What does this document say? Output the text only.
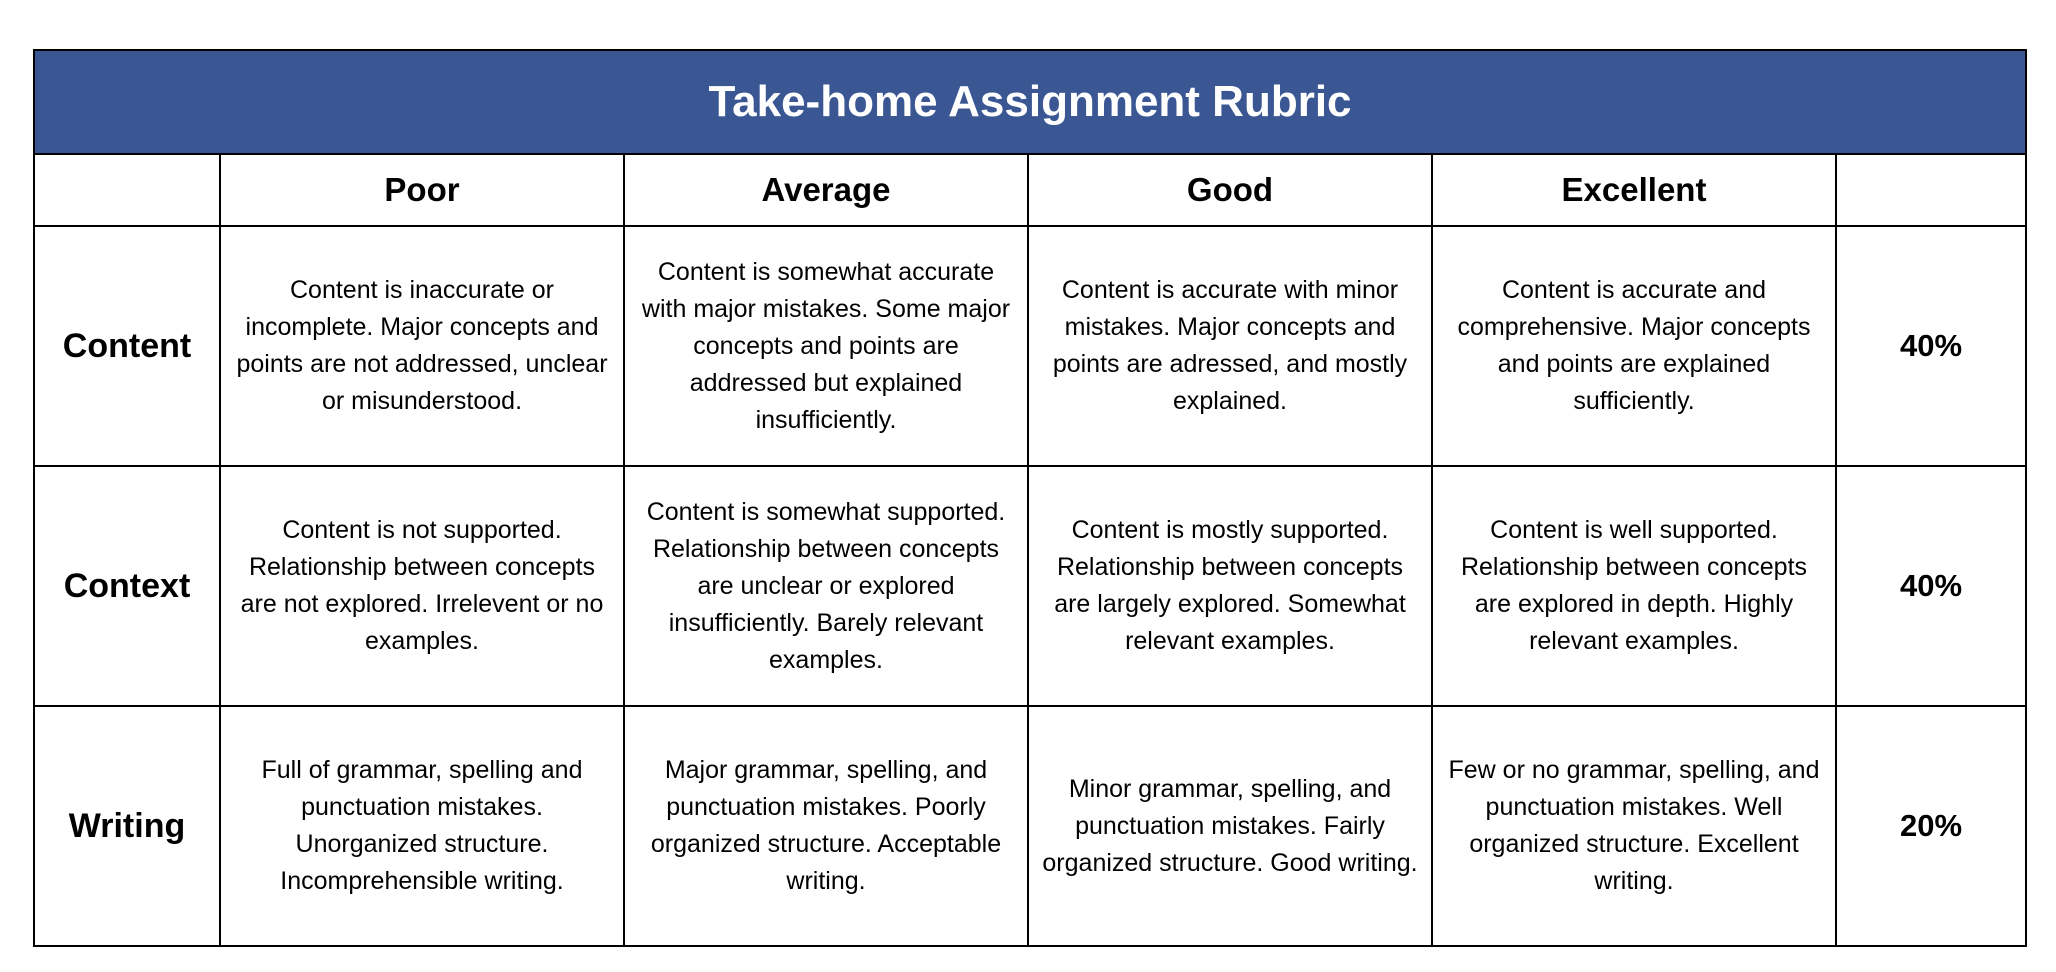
Take-home Assignment Rubric					
	Poor	Average	Good	Excellent	
Content	Content is inaccurate or incomplete. Major concepts and points are not addressed, unclear or misunderstood.	Content is somewhat accurate with major mistakes. Some major concepts and points are addressed but explained insufficiently.	Content is accurate with minor mistakes. Major concepts and points are adressed, and mostly explained.	Content is accurate and comprehensive. Major concepts and points are explained sufficiently.	40%
Context	Content is not supported. Relationship between concepts are not explored. Irrelevent or no examples.	Content is somewhat supported. Relationship between concepts are unclear or explored insufficiently. Barely relevant examples.	Content is mostly supported. Relationship between concepts are largely explored. Somewhat relevant examples.	Content is well supported. Relationship between concepts are explored in depth. Highly relevant examples.	40%
Writing	Full of grammar, spelling and punctuation mistakes. Unorganized structure. Incomprehensible writing.	Major grammar, spelling, and punctuation mistakes. Poorly organized structure. Acceptable writing.	Minor grammar, spelling, and punctuation mistakes. Fairly organized structure. Good writing.	Few or no grammar, spelling, and punctuation mistakes. Well organized structure. Excellent writing.	20%
